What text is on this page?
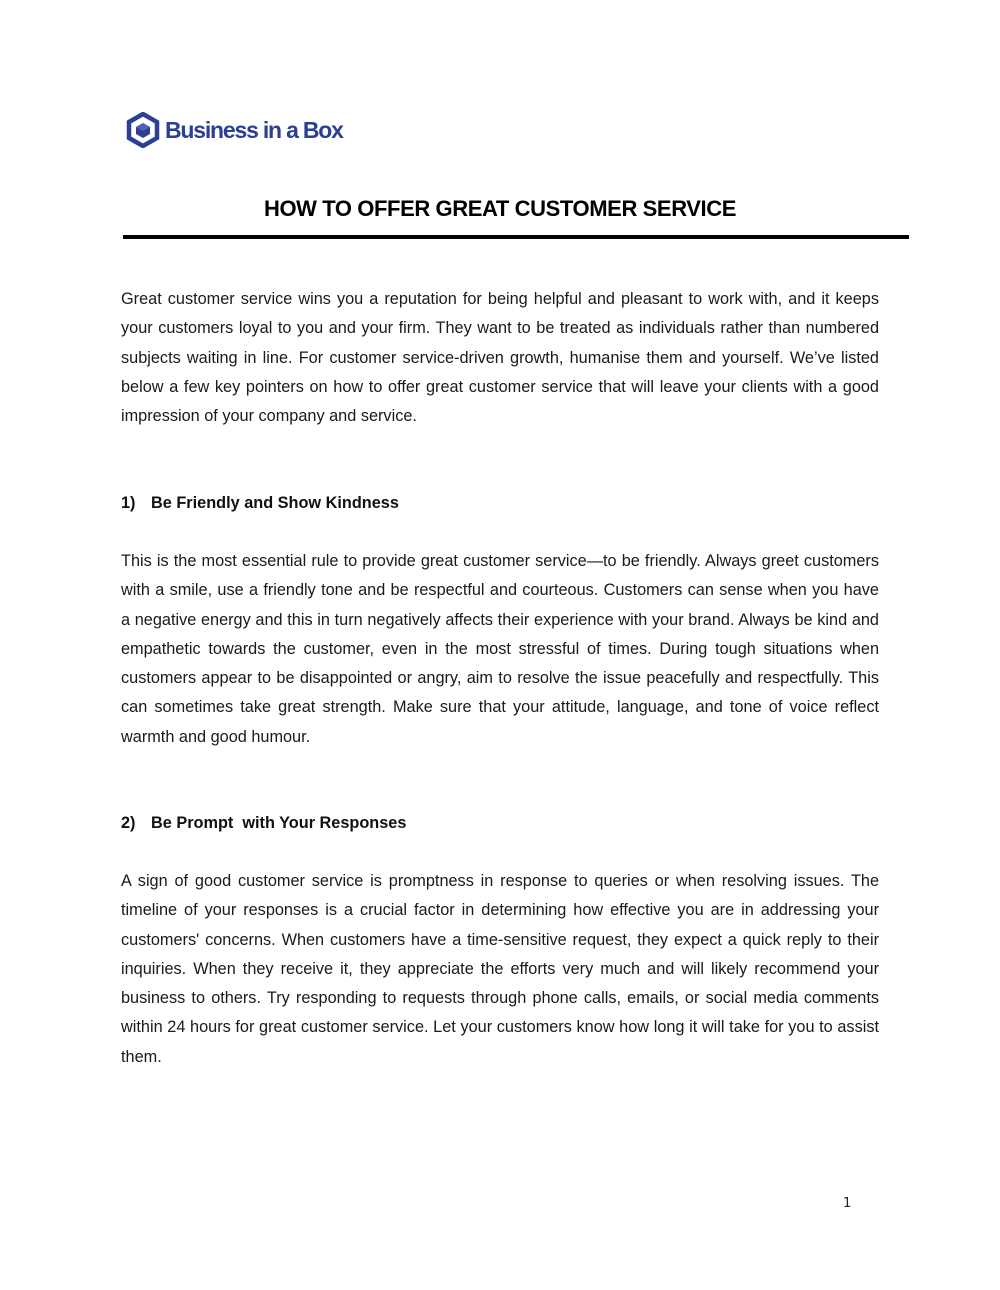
Business in a Box
HOW TO OFFER GREAT CUSTOMER SERVICE

Great customer service wins you a reputation for being helpful and pleasant to work with, and it keeps your customers loyal to you and your firm. They want to be treated as individuals rather than numbered subjects waiting in line. For customer service-driven growth, humanise them and yourself. We’ve listed below a few key pointers on how to offer great customer service that will leave your clients with a good impression of your company and service.

1) Be Friendly and Show Kindness

This is the most essential rule to provide great customer service—to be friendly. Always greet customers with a smile, use a friendly tone and be respectful and courteous. Customers can sense when you have a negative energy and this in turn negatively affects their experience with your brand. Always be kind and empathetic towards the customer, even in the most stressful of times. During tough situations when customers appear to be disappointed or angry, aim to resolve the issue peacefully and respectfully. This can sometimes take great strength. Make sure that your attitude, language, and tone of voice reflect warmth and good humour.

2) Be Prompt  with Your Responses

A sign of good customer service is promptness in response to queries or when resolving issues. The timeline of your responses is a crucial factor in determining how effective you are in addressing your customers' concerns. When customers have a time-sensitive request, they expect a quick reply to their inquiries. When they receive it, they appreciate the efforts very much and will likely recommend your business to others. Try responding to requests through phone calls, emails, or social media comments within 24 hours for great customer service. Let your customers know how long it will take for you to assist them.

1
